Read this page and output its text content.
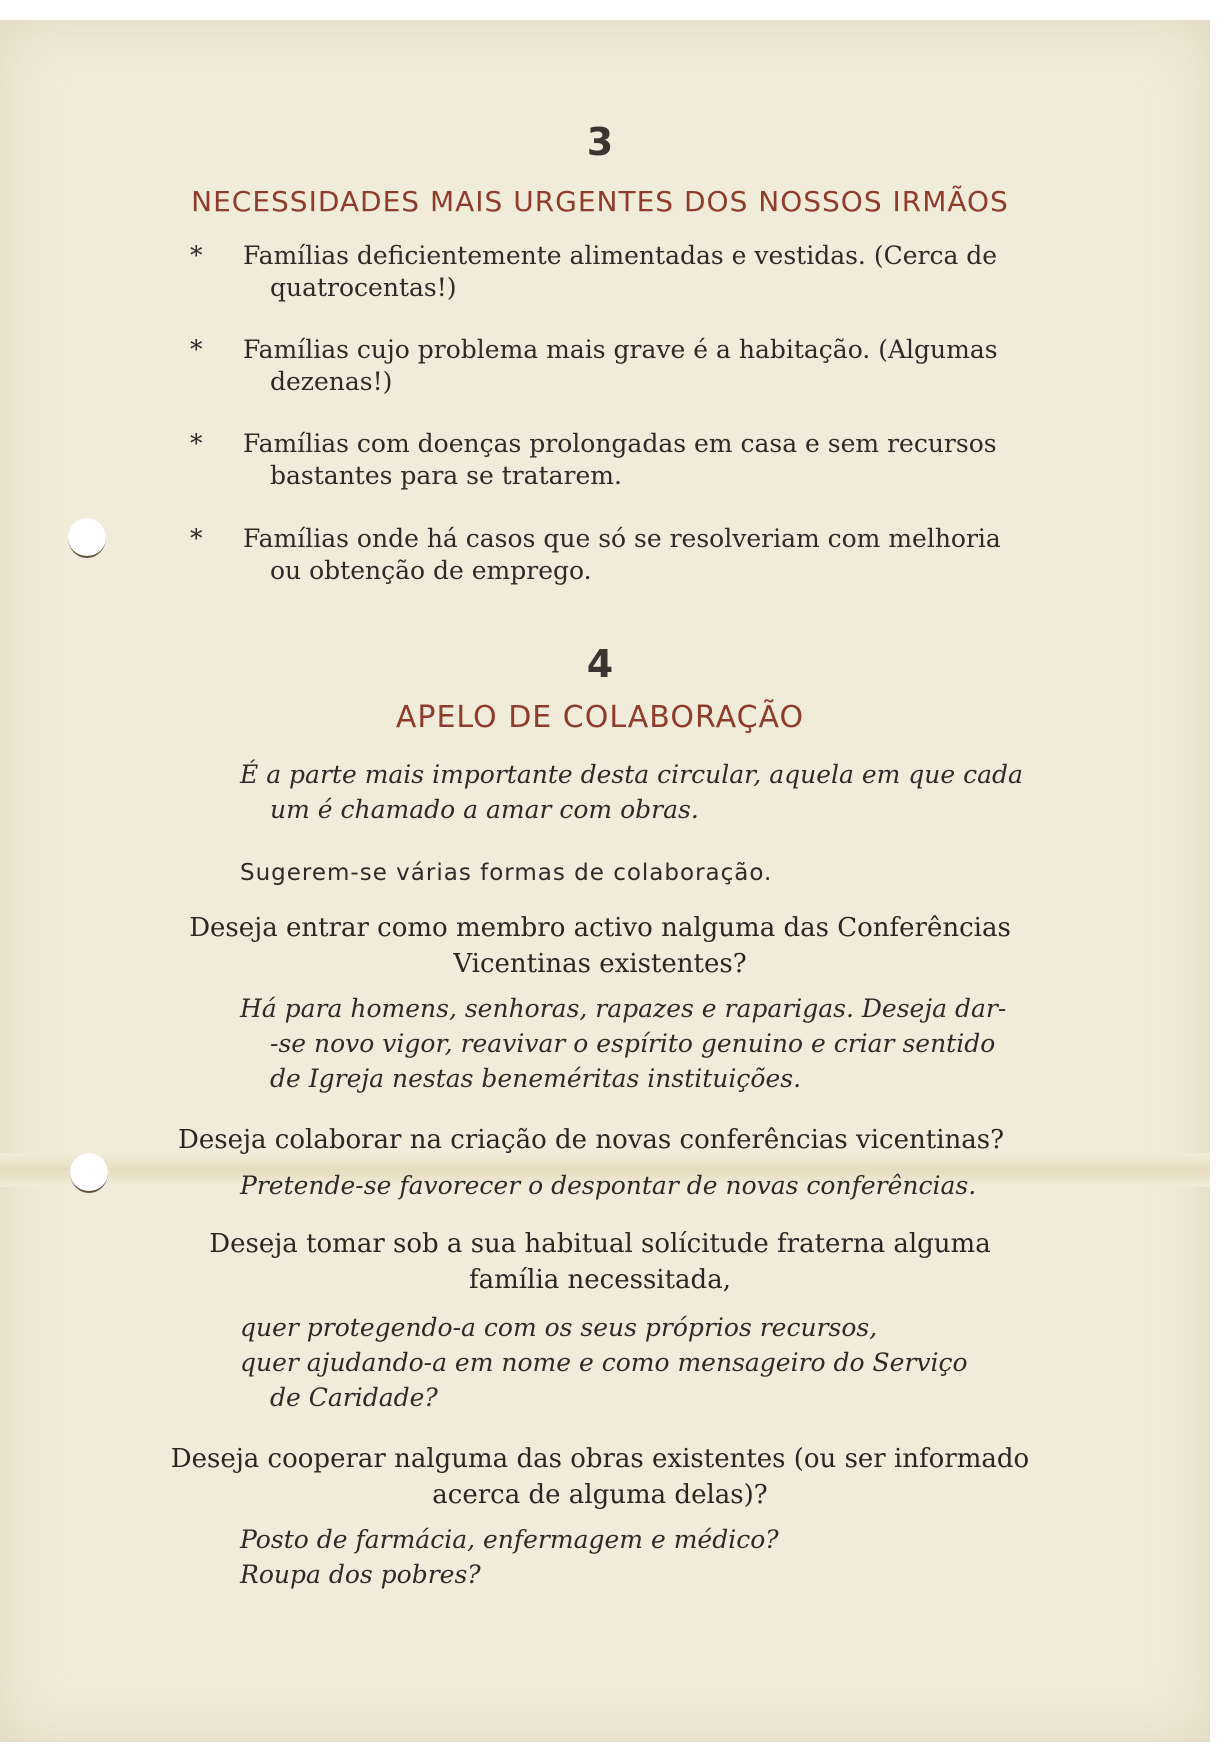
3
NECESSIDADES MAIS URGENTES DOS NOSSOS IRMÃOS
* Famílias deficientemente alimentadas e vestidas. (Cerca de
quatrocentas!)
* Famílias cujo problema mais grave é a habitação. (Algumas
dezenas!)
* Famílias com doenças prolongadas em casa e sem recursos
bastantes para se tratarem.
* Famílias onde há casos que só se resolveriam com melhoria
ou obtenção de emprego.
4
APELO DE COLABORAÇÃO
É a parte mais importante desta circular, aquela em que cada
um é chamado a amar com obras.
Sugerem-se várias formas de colaboração.
Deseja entrar como membro activo nalguma das Conferências
Vicentinas existentes?
Há para homens, senhoras, rapazes e raparigas. Deseja dar-
-se novo vigor, reavivar o espírito genuino e criar sentido
de Igreja nestas beneméritas instituições.
Deseja colaborar na criação de novas conferências vicentinas?
Pretende-se favorecer o despontar de novas conferências.
Deseja tomar sob a sua habitual solícitude fraterna alguma
família necessitada,
quer protegendo-a com os seus próprios recursos,
quer ajudando-a em nome e como mensageiro do Serviço
de Caridade?
Deseja cooperar nalguma das obras existentes (ou ser informado
acerca de alguma delas)?
Posto de farmácia, enfermagem e médico?
Roupa dos pobres?
